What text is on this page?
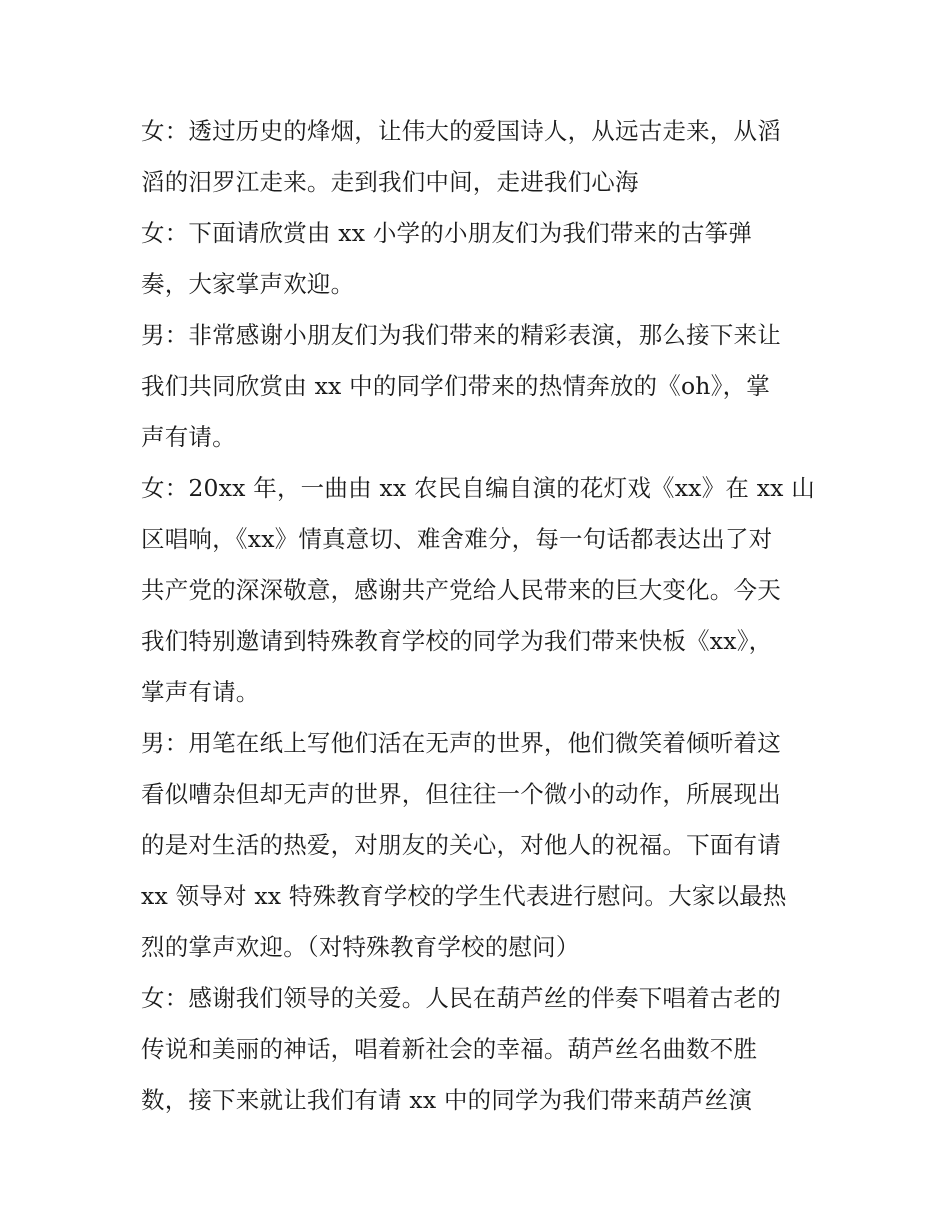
女：透过历史的烽烟，让伟大的爱国诗人，从远古走来，从滔
滔的汨罗江走来。走到我们中间，走进我们心海
女：下面请欣赏由 xx 小学的小朋友们为我们带来的古筝弹
奏，大家掌声欢迎。
男：非常感谢小朋友们为我们带来的精彩表演，那么接下来让
我们共同欣赏由 xx 中的同学们带来的热情奔放的《oh》，掌
声有请。
女：20xx 年，一曲由 xx 农民自编自演的花灯戏《xx》在 xx 山
区唱响，《xx》情真意切、难舍难分，每一句话都表达出了对
共产党的深深敬意，感谢共产党给人民带来的巨大变化。今天
我们特别邀请到特殊教育学校的同学为我们带来快板《xx》，
掌声有请。
男：用笔在纸上写他们活在无声的世界，他们微笑着倾听着这
看似嘈杂但却无声的世界，但往往一个微小的动作，所展现出
的是对生活的热爱，对朋友的关心，对他人的祝福。下面有请
xx 领导对 xx 特殊教育学校的学生代表进行慰问。大家以最热
烈的掌声欢迎。（对特殊教育学校的慰问）
女：感谢我们领导的关爱。人民在葫芦丝的伴奏下唱着古老的
传说和美丽的神话，唱着新社会的幸福。葫芦丝名曲数不胜
数，接下来就让我们有请 xx 中的同学为我们带来葫芦丝演
